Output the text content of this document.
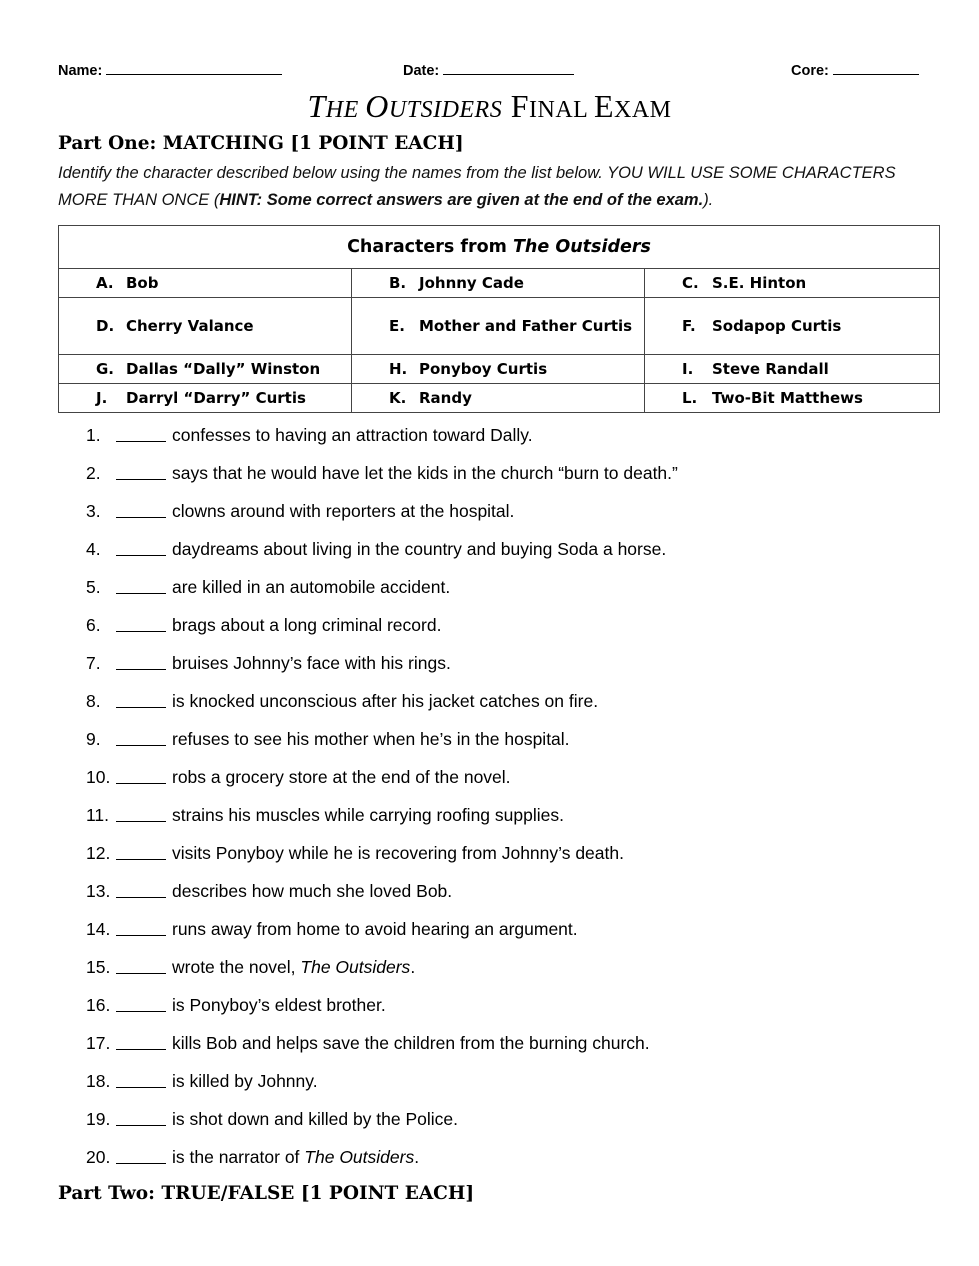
Name:	Date:	Core:
THE OUTSIDERS FINAL EXAM
Part One: MATCHING [1 POINT EACH]
Identify the character described below using the names from the list below. YOU WILL USE SOME CHARACTERS MORE THAN ONCE (HINT: Some correct answers are given at the end of the exam.).
Characters from The Outsiders		

A. Bob	B. Johnny Cade	C. S.E. Hinton

D. Cherry Valance	E. Mother and Father Curtis	F. Sodapop Curtis

G. Dallas “Dally” Winston	H. Ponyboy Curtis	I. Steve Randall

J. Darryl “Darry” Curtis	K. Randy	L. Two-Bit Matthews
1.	confesses to having an attraction toward Dally.
2.	says that he would have let the kids in the church “burn to death.”
3.	clowns around with reporters at the hospital.
4.	daydreams about living in the country and buying Soda a horse.
5.	are killed in an automobile accident.
6.	brags about a long criminal record.
7.	bruises Johnny’s face with his rings.
8.	is knocked unconscious after his jacket catches on fire.
9.	refuses to see his mother when he’s in the hospital.
10.	robs a grocery store at the end of the novel.
11.	strains his muscles while carrying roofing supplies.
12.	visits Ponyboy while he is recovering from Johnny’s death.
13.	describes how much she loved Bob.
14.	runs away from home to avoid hearing an argument.
15.	wrote the novel, The Outsiders.
16.	is Ponyboy’s eldest brother.
17.	kills Bob and helps save the children from the burning church.
18.	is killed by Johnny.
19.	is shot down and killed by the Police.
20.	is the narrator of The Outsiders.
Part Two: TRUE/FALSE [1 POINT EACH]
